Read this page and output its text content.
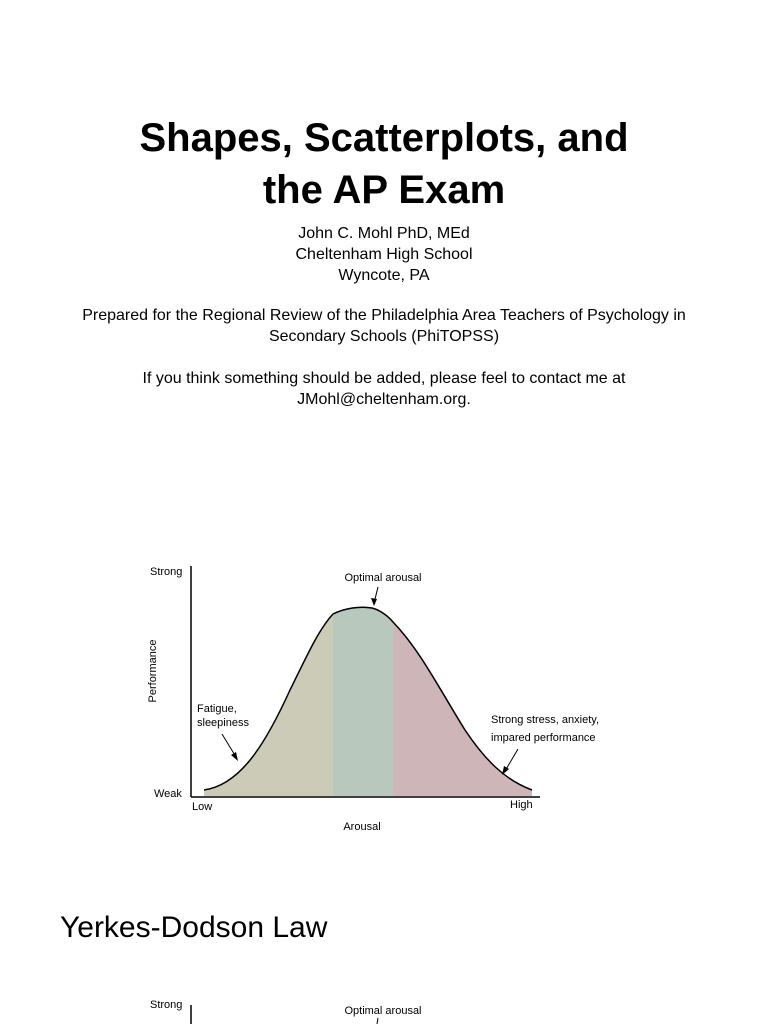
Shapes, Scatterplots, and
the AP Exam
John C. Mohl PhD, MEd
Cheltenham High School
Wyncote, PA
Prepared for the Regional Review of the Philadelphia Area Teachers of Psychology in Secondary Schools (PhiTOPSS)
If you think something should be added, please feel to contact me at JMohl@cheltenham.org.
Strong
Weak
Performance
Low	High
Arousal
Optimal arousal
Fatigue,
sleepiness	Strong stress, anxiety,
impared performance
Strong	Optimal arousal
Yerkes-Dodson Law
